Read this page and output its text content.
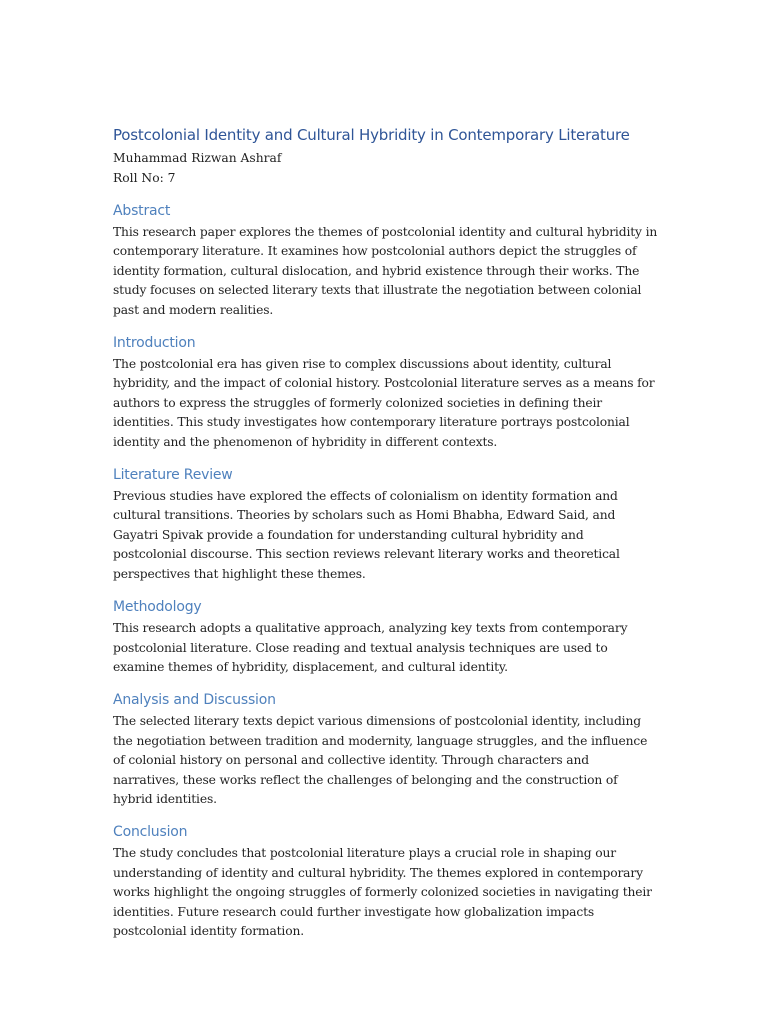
Postcolonial Identity and Cultural Hybridity in Contemporary Literature

Muhammad Rizwan Ashraf

Roll No: 7

Abstract

This research paper explores the themes of postcolonial identity and cultural hybridity in contemporary literature. It examines how postcolonial authors depict the struggles of identity formation, cultural dislocation, and hybrid existence through their works. The study focuses on selected literary texts that illustrate the negotiation between colonial past and modern realities.

Introduction

The postcolonial era has given rise to complex discussions about identity, cultural hybridity, and the impact of colonial history. Postcolonial literature serves as a means for authors to express the struggles of formerly colonized societies in defining their identities. This study investigates how contemporary literature portrays postcolonial identity and the phenomenon of hybridity in different contexts.

Literature Review

Previous studies have explored the effects of colonialism on identity formation and cultural transitions. Theories by scholars such as Homi Bhabha, Edward Said, and Gayatri Spivak provide a foundation for understanding cultural hybridity and postcolonial discourse. This section reviews relevant literary works and theoretical perspectives that highlight these themes.

Methodology

This research adopts a qualitative approach, analyzing key texts from contemporary postcolonial literature. Close reading and textual analysis techniques are used to examine themes of hybridity, displacement, and cultural identity.

Analysis and Discussion

The selected literary texts depict various dimensions of postcolonial identity, including the negotiation between tradition and modernity, language struggles, and the influence of colonial history on personal and collective identity. Through characters and narratives, these works reflect the challenges of belonging and the construction of hybrid identities.

Conclusion

The study concludes that postcolonial literature plays a crucial role in shaping our understanding of identity and cultural hybridity. The themes explored in contemporary works highlight the ongoing struggles of formerly colonized societies in navigating their identities. Future research could further investigate how globalization impacts postcolonial identity formation.
